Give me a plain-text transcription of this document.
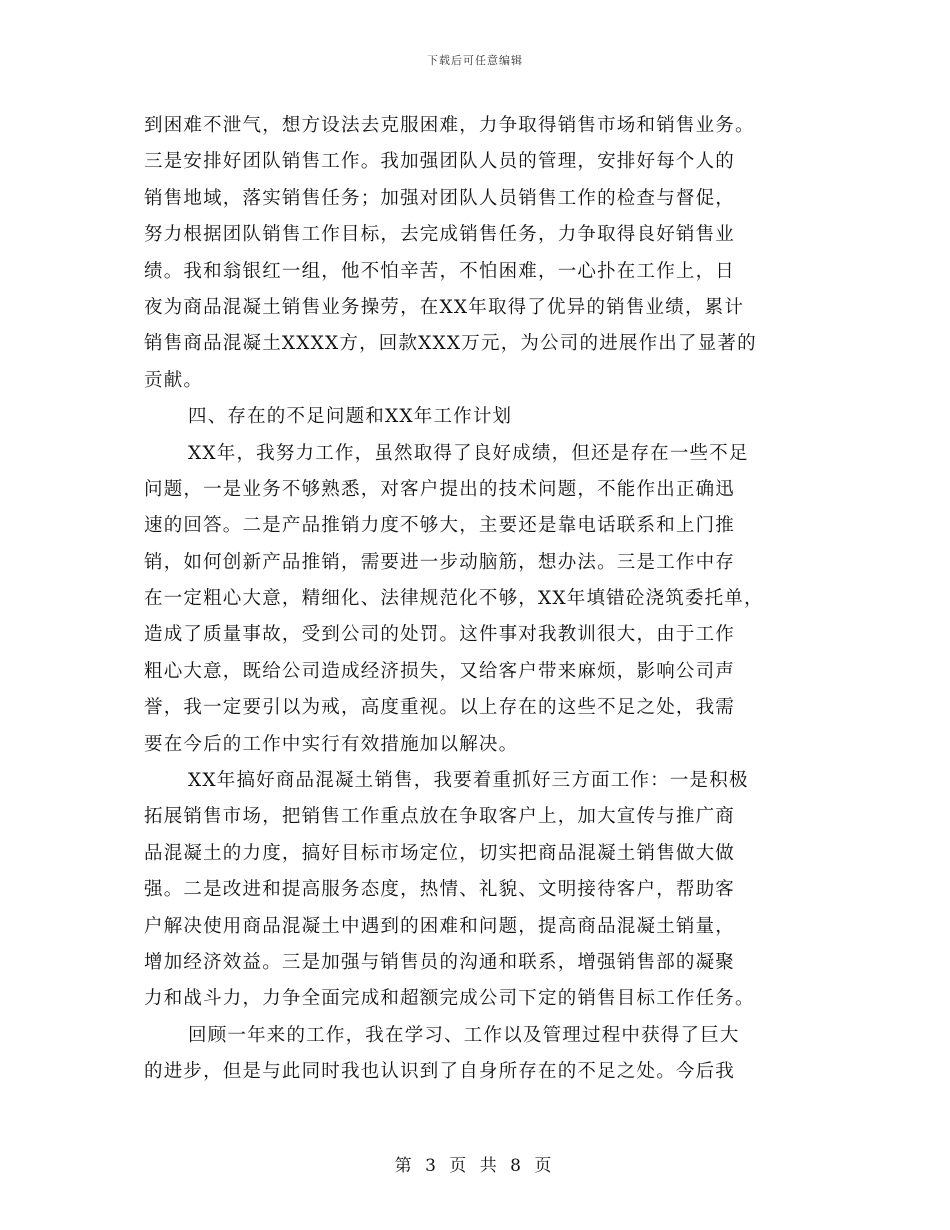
下载后可任意编辑
到困难不泄气，想方设法去克服困难，力争取得销售市场和销售业务。
三是安排好团队销售工作。我加强团队人员的管理，安排好每个人的
销售地域，落实销售任务；加强对团队人员销售工作的检查与督促，
努力根据团队销售工作目标，去完成销售任务，力争取得良好销售业
绩。我和翁银红一组，他不怕辛苦，不怕困难，一心扑在工作上，日
夜为商品混凝土销售业务操劳，在XX年取得了优异的销售业绩，累计
销售商品混凝土XXXX方，回款XXX万元，为公司的进展作出了显著的
贡献。
四、存在的不足问题和XX年工作计划
XX年，我努力工作，虽然取得了良好成绩，但还是存在一些不足
问题，一是业务不够熟悉，对客户提出的技术问题，不能作出正确迅
速的回答。二是产品推销力度不够大，主要还是靠电话联系和上门推
销，如何创新产品推销，需要进一步动脑筋，想办法。三是工作中存
在一定粗心大意，精细化、法律规范化不够，XX年填错砼浇筑委托单，
造成了质量事故，受到公司的处罚。这件事对我教训很大，由于工作
粗心大意，既给公司造成经济损失，又给客户带来麻烦，影响公司声
誉，我一定要引以为戒，高度重视。以上存在的这些不足之处，我需
要在今后的工作中实行有效措施加以解决。
XX年搞好商品混凝土销售，我要着重抓好三方面工作：一是积极
拓展销售市场，把销售工作重点放在争取客户上，加大宣传与推广商
品混凝土的力度，搞好目标市场定位，切实把商品混凝土销售做大做
强。二是改进和提高服务态度，热情、礼貌、文明接待客户，帮助客
户解决使用商品混凝土中遇到的困难和问题，提高商品混凝土销量，
增加经济效益。三是加强与销售员的沟通和联系，增强销售部的凝聚
力和战斗力，力争全面完成和超额完成公司下定的销售目标工作任务。
回顾一年来的工作，我在学习、工作以及管理过程中获得了巨大
的进步，但是与此同时我也认识到了自身所存在的不足之处。今后我
第 3 页 共 8 页
